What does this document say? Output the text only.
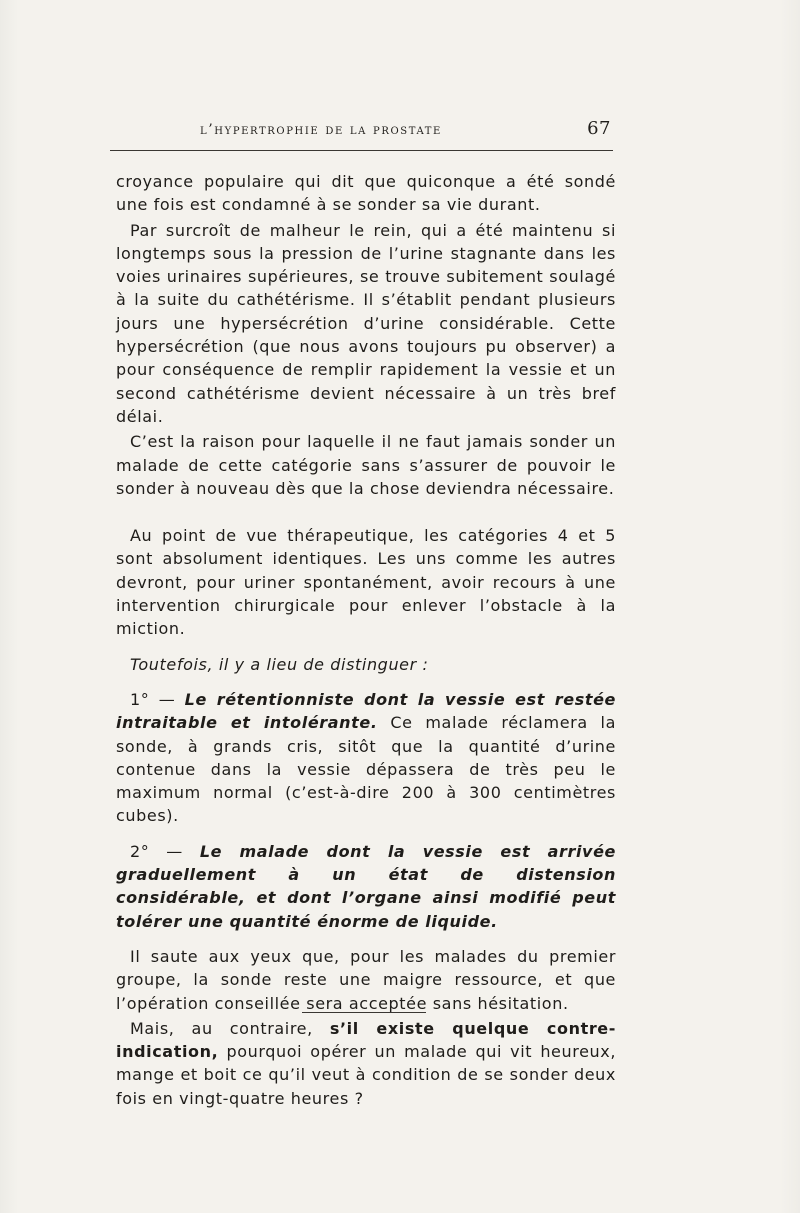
l’hypertrophie de la prostate	67

croyance populaire qui dit que quiconque a été sondé une fois est condamné à se sonder sa vie durant.

Par surcroît de malheur le rein, qui a été maintenu si longtemps sous la pression de l’urine stagnante dans les voies urinaires supérieures, se trouve subitement soulagé à la suite du cathétérisme. Il s’établit pendant plusieurs jours une hypersécrétion d’urine considérable. Cette hypersécrétion (que nous avons toujours pu observer) a pour conséquence de remplir rapidement la vessie et un second cathétérisme devient nécessaire à un très bref délai.

C’est la raison pour laquelle il ne faut jamais sonder un malade de cette catégorie sans s’assurer de pouvoir le sonder à nouveau dès que la chose deviendra nécessaire.

Au point de vue thérapeutique, les catégories 4 et 5 sont absolument identiques. Les uns comme les autres devront, pour uriner spontanément, avoir recours à une intervention chirurgicale pour enlever l’obstacle à la miction.

Toutefois, il y a lieu de distinguer :

1° — Le rétentionniste dont la vessie est restée intraitable et intolérante. Ce malade réclamera la sonde, à grands cris, sitôt que la quantité d’urine contenue dans la vessie dépassera de très peu le maximum normal (c’est-à-dire 200 à 300 centimètres cubes).

2° — Le malade dont la vessie est arrivée graduellement à un état de distension considérable, et dont l’organe ainsi modifié peut tolérer une quantité énorme de liquide.

Il saute aux yeux que, pour les malades du premier groupe, la sonde reste une maigre ressource, et que l’opération conseillée sera acceptée sans hésitation.

Mais, au contraire, s’il existe quelque contre-indication, pourquoi opérer un malade qui vit heureux, mange et boit ce qu’il veut à condition de se sonder deux fois en vingt-quatre heures ?
